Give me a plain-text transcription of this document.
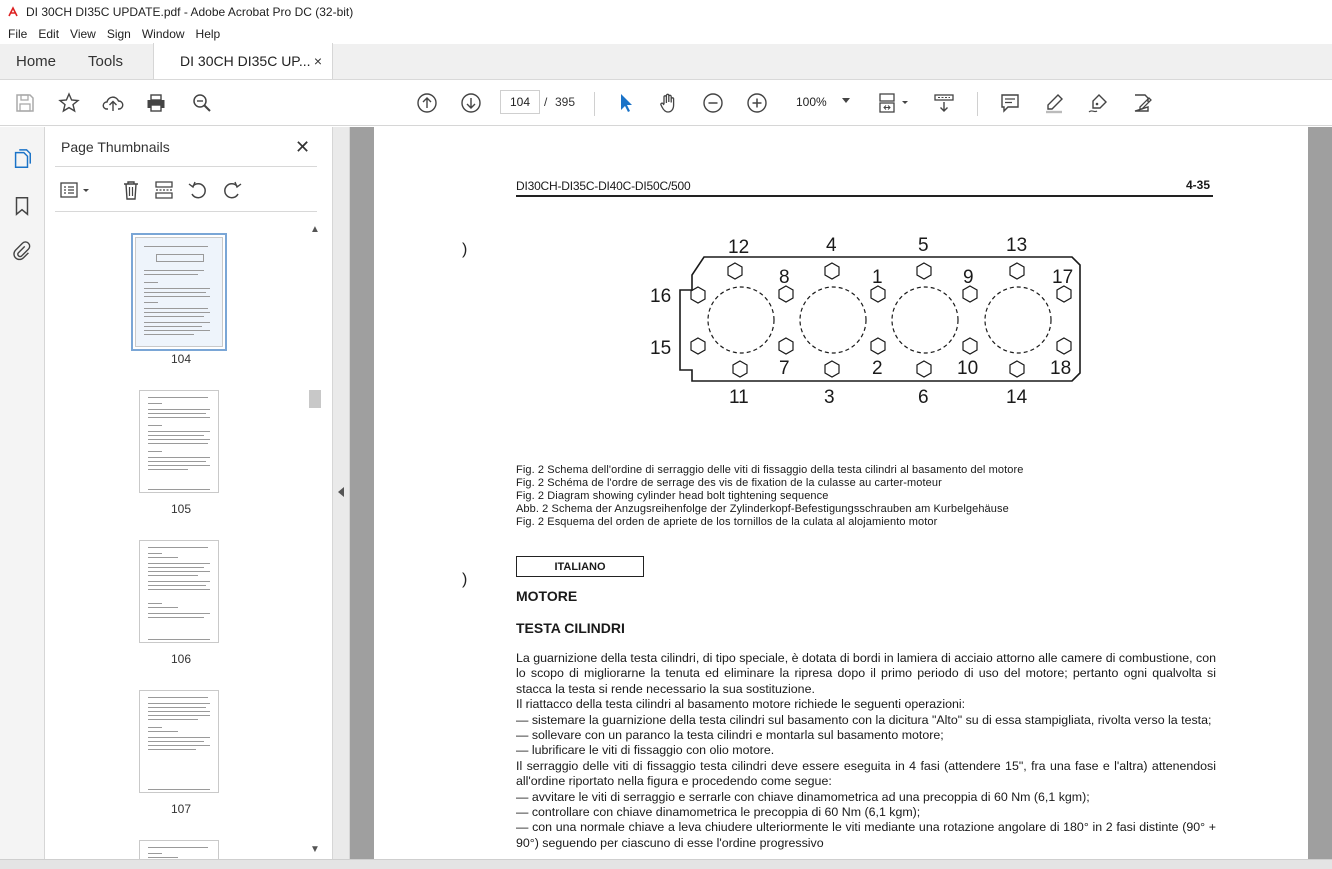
DI 30CH DI35C UPDATE.pdf - Adobe Acrobat Pro DC (32-bit)
File Edit View Sign Window Help
Home	Tools	DI 30CH DI35C UP... ×
104	/ 395	100%
Page Thumbnails	✕
104
105
106
107
▲
▼
DI30CH-DI35C-DI40C-DI50C/500	4-35
)
)
12	4	5	13
8	1	9	17
16
15
7	2	10	18
11	3	6	14
Fig. 2 Schema dell'ordine di serraggio delle viti di fissaggio della testa cilindri al basamento del motore
Fig. 2 Schéma de l'ordre de serrage des vis de fixation de la culasse au carter-moteur
Fig. 2 Diagram showing cylinder head bolt tightening sequence
Abb. 2 Schema der Anzugsreihenfolge der Zylinderkopf-Befestigungsschrauben am Kurbelgehäuse
Fig. 2 Esquema del orden de apriete de los tornillos de la culata al alojamiento motor
ITALIANO
MOTORE
TESTA CILINDRI

La guarnizione della testa cilindri, di tipo speciale, è dotata di bordi in lamiera di acciaio attorno alle camere di combustione, con lo scopo di migliorarne la tenuta ed eliminare la ripresa dopo il primo periodo di uso del motore; pertanto ogni qualvolta si stacca la testa si rende necessario la sua sostituzione.

Il riattacco della testa cilindri al basamento motore richiede le seguenti operazioni:

— sistemare la guarnizione della testa cilindri sul basamento con la dicitura "Alto" su di essa stampigliata, rivolta verso la testa;

— sollevare con un paranco la testa cilindri e montarla sul basamento motore;

— lubrificare le viti di fissaggio con olio motore.

Il serraggio delle viti di fissaggio testa cilindri deve essere eseguita in 4 fasi (attendere 15", fra una fase e l'altra) attenendosi all'ordine riportato nella figura e procedendo come segue:

— avvitare le viti di serraggio e serrarle con chiave dinamometrica ad una precoppia di 60 Nm (6,1 kgm);

— controllare con chiave dinamometrica le precoppia di 60 Nm (6,1 kgm);

— con una normale chiave a leva chiudere ulteriormente le viti mediante una rotazione angolare di 180° in 2 fasi distinte (90° + 90°) seguendo per ciascuno di esse l'ordine progressivo
